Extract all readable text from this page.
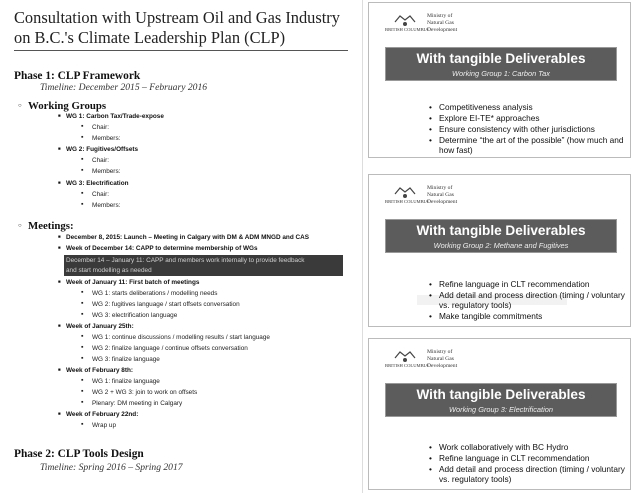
Consultation with Upstream Oil and Gas Industry on B.C.'s Climate Leadership Plan (CLP)
Phase 1: CLP Framework
Timeline: December 2015 – February 2016
○ Working Groups
■ WG 1: Carbon Tax/Trade-expose
▪ Chair:
▪ Members:
■ WG 2: Fugitives/Offsets
▪ Chair:
▪ Members:
■ WG 3: Electrification
▪ Chair:
▪ Members:
○ Meetings:
■ December 8, 2015: Launch – Meeting in Calgary with DM & ADM MNGD and CAS
■ Week of December 14: CAPP to determine membership of WGs
December 14 – January 11: CAPP and members work internally to provide feedback
and start modelling as needed
■ Week of January 11: First batch of meetings
▪ WG 1: starts deliberations / modelling needs
▪ WG 2: fugitives language / start offsets conversation
▪ WG 3: electrification language
■ Week of January 25th:
▪ WG 1: continue discussions / modelling results / start language
▪ WG 2: finalize language / continue offsets conversation
▪ WG 3: finalize language
■ Week of February 8th:
▪ WG 1: finalize language
▪ WG 2 + WG 3: join to work on offsets
▪ Plenary: DM meeting in Calgary
■ Week of February 22nd:
▪ Wrap up
Phase 2: CLP Tools Design
Timeline: Spring 2016 – Spring 2017
BRITISH COLUMBIA
Ministry of
Natural Gas
Development
With tangible Deliverables
Working Group 1: Carbon Tax
• Competitiveness analysis
• Explore EI-TE* approaches
• Ensure consistency with other jurisdictions
• Determine “the art of the possible” (how much and how fast)
BRITISH COLUMBIA
Ministry of
Natural Gas
Development
With tangible Deliverables
Working Group 2: Methane and Fugitives
• Refine language in CLT recommendation
• Add detail and process direction (timing / voluntary vs. regulatory tools)
• Make tangible commitments
BRITISH COLUMBIA
Ministry of
Natural Gas
Development
With tangible Deliverables
Working Group 3: Electrification
• Work collaboratively with BC Hydro
• Refine language in CLT recommendation
• Add detail and process direction (timing / voluntary vs. regulatory tools)
